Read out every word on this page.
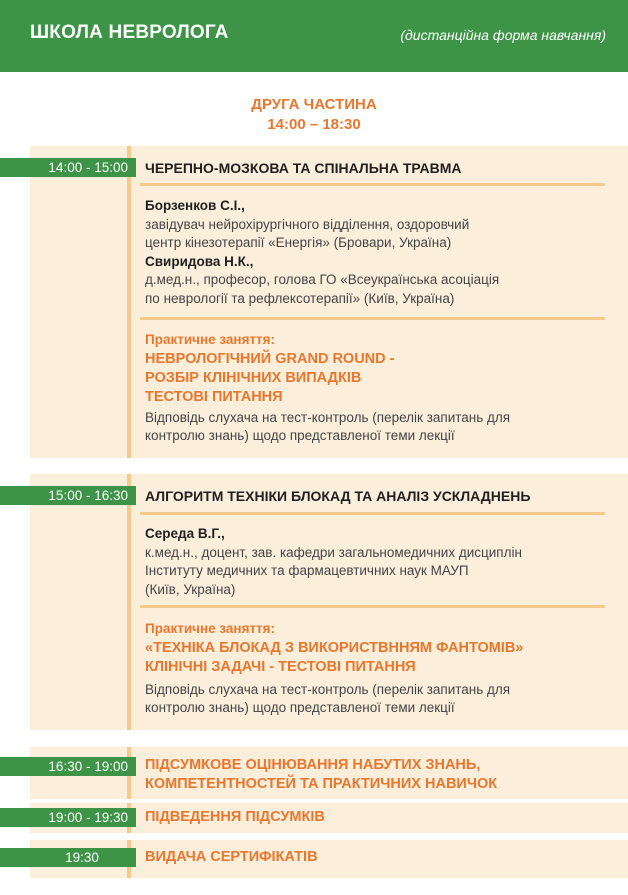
ШКОЛА НЕВРОЛОГА	(дистанційна форма навчання)
ДРУГА ЧАСТИНА
14:00 – 18:30
14:00 - 15:00	ЧЕРЕПНО-МОЗКОВА ТА СПІНАЛЬНА ТРАВМА
Борзенков С.І.,
завідувач нейрохірургічного відділення, оздоровчий
центр кінезотерапії «Енергія» (Бровари, Україна)
Свиридова Н.К.,
д.мед.н., професор, голова ГО «Всеукраїнська асоціація
по неврології та рефлексотерапії» (Київ, Україна)
Практичне заняття:
НЕВРОЛОГІЧНИЙ GRAND ROUND -
РОЗБІР КЛІНІЧНИХ ВИПАДКІВ
ТЕСТОВІ ПИТАННЯ
Відповідь слухача на тест-контроль (перелік запитань для
контролю знань) щодо представленої теми лекції
15:00 - 16:30	АЛГОРИТМ ТЕХНІКИ БЛОКАД ТА АНАЛІЗ УСКЛАДНЕНЬ
Середа В.Г.,
к.мед.н., доцент, зав. кафедри загальномедичних дисциплін
Інституту медичних та фармацевтичних наук МАУП
(Київ, Україна)
Практичне заняття:
«ТЕХНІКА БЛОКАД З ВИКОРИСТВННЯМ ФАНТОМІВ»
КЛІНІЧНІ ЗАДАЧІ - ТЕСТОВІ ПИТАННЯ
Відповідь слухача на тест-контроль (перелік запитань для
контролю знань) щодо представленої теми лекції
16:30 - 19:00	ПІДСУМКОВЕ ОЦІНЮВАННЯ НАБУТИХ ЗНАНЬ,
КОМПЕТЕНТНОСТЕЙ ТА ПРАКТИЧНИХ НАВИЧОК
19:00 - 19:30	ПІДВЕДЕННЯ ПІДСУМКІВ
19:30	ВИДАЧА СЕРТИФІКАТІВ
